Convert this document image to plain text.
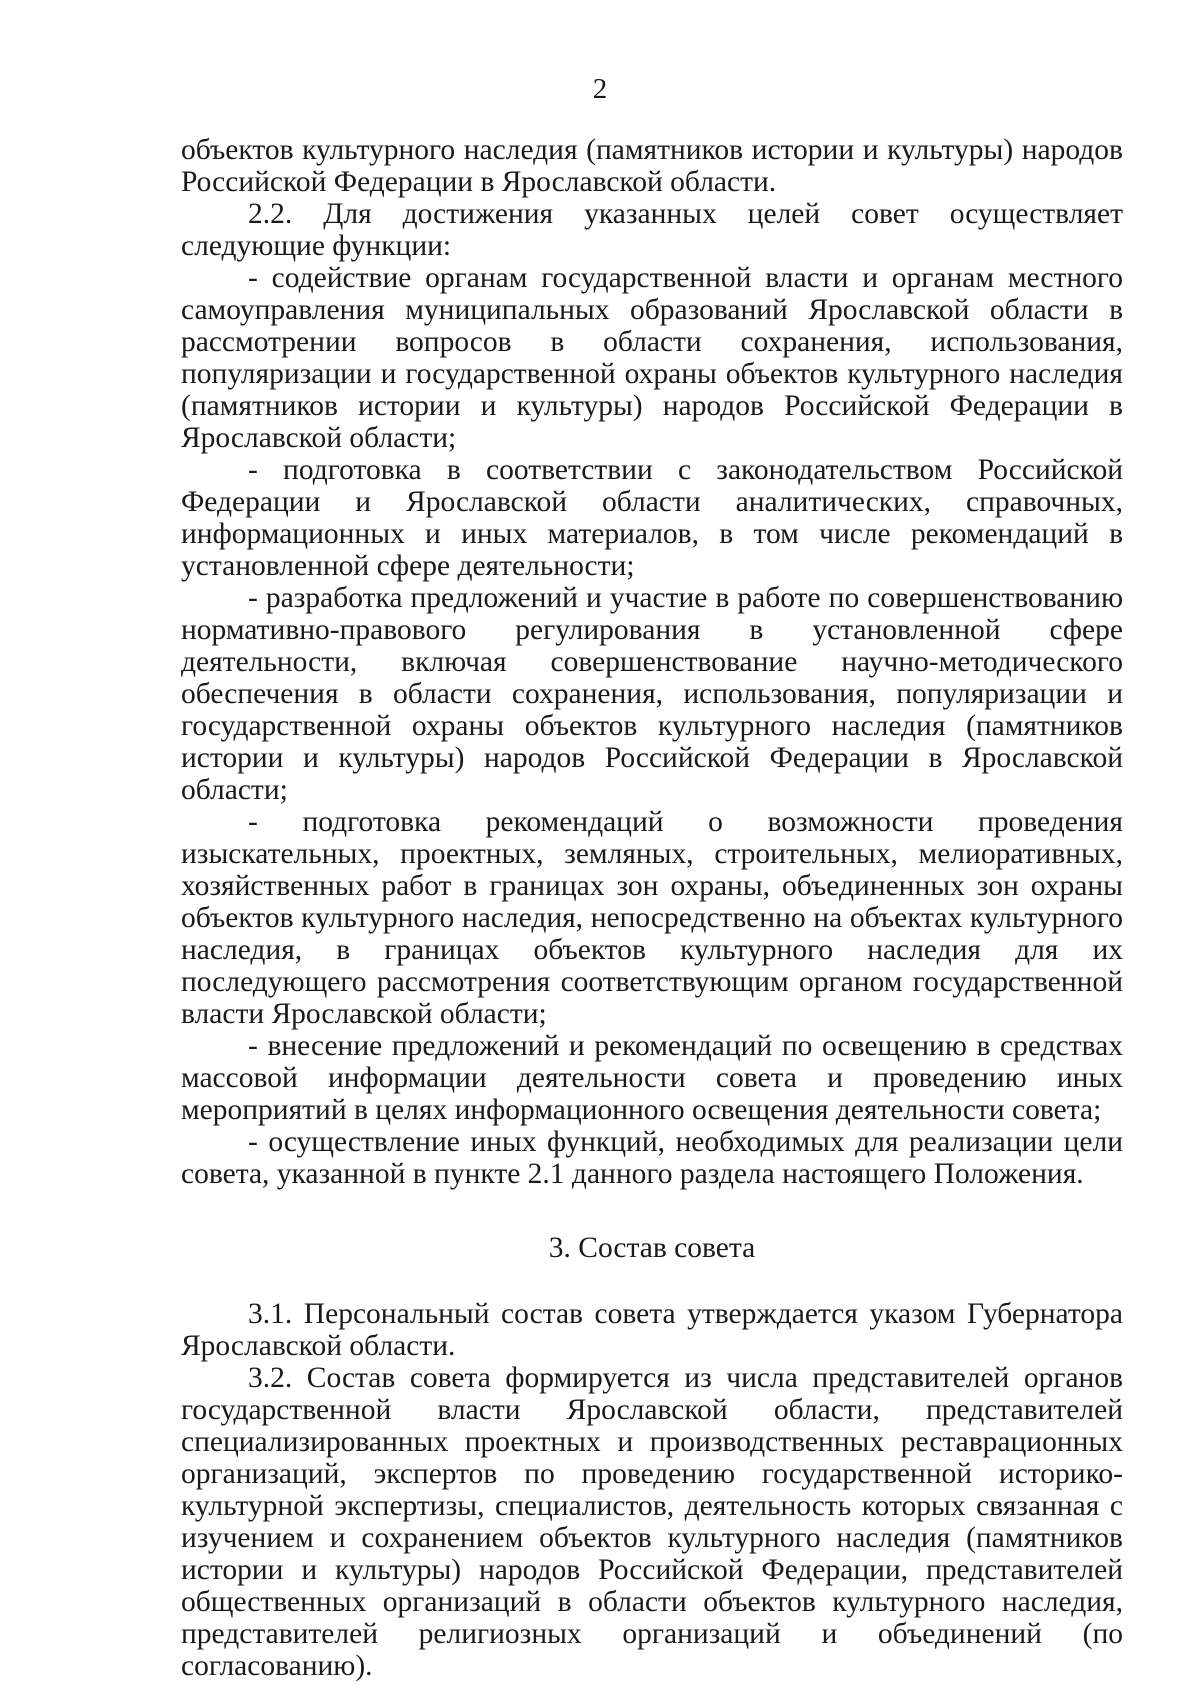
2

объектов культурного наследия (памятников истории и культуры) народов Российской Федерации в Ярославской области.

2.2. Для достижения указанных целей совет осуществляет следующие функции:

- содействие органам государственной власти и органам местного самоуправления муниципальных образований Ярославской области в рассмотрении вопросов в области сохранения, использования, популяризации и государственной охраны объектов культурного наследия (памятников истории и культуры) народов Российской Федерации в Ярославской области;

- подготовка в соответствии с законодательством Российской Федерации и Ярославской области аналитических, справочных, информационных и иных материалов, в том числе рекомендаций в установленной сфере деятельности;

- разработка предложений и участие в работе по совершенствованию нормативно-правового регулирования в установленной сфере деятельности, включая совершенствование научно-методического обеспечения в области сохранения, использования, популяризации и государственной охраны объектов культурного наследия (памятников истории и культуры) народов Российской Федерации в Ярославской области;

- подготовка рекомендаций о возможности проведения изыскательных, проектных, земляных, строительных, мелиоративных, хозяйственных работ в границах зон охраны, объединенных зон охраны объектов культурного наследия, непосредственно на объектах культурного наследия, в границах объектов культурного наследия для их последующего рассмотрения соответствующим органом государственной власти Ярославской области;

- внесение предложений и рекомендаций по освещению в средствах массовой информации деятельности совета и проведению иных мероприятий в целях информационного освещения деятельности совета;

- осуществление иных функций, необходимых для реализации цели совета, указанной в пункте 2.1 данного раздела настоящего Положения.

3. Состав совета

3.1. Персональный состав совета утверждается указом Губернатора Ярославской области.

3.2. Состав совета формируется из числа представителей органов государственной власти Ярославской области, представителей специализированных проектных и производственных реставрационных организаций, экспертов по проведению государственной историко-культурной экспертизы, специалистов, деятельность которых связанная с изучением и сохранением объектов культурного наследия (памятников истории и культуры) народов Российской Федерации, представителей общественных организаций в области объектов культурного наследия, представителей религиозных организаций и объединений (по согласованию).
